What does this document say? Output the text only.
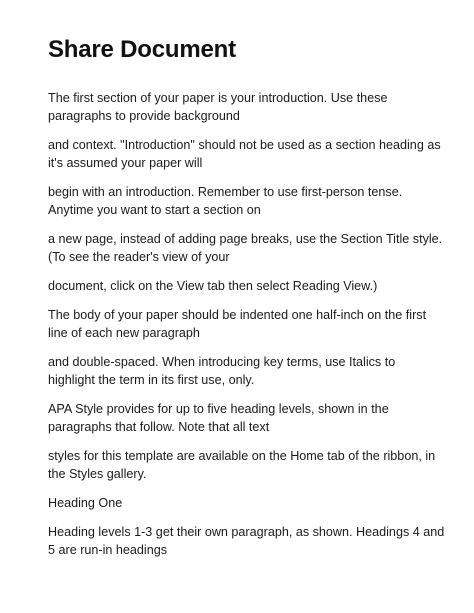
Share Document

The first section of your paper is your introduction. Use these
paragraphs to provide background

and context. "Introduction" should not be used as a section heading as
it's assumed your paper will

begin with an introduction. Remember to use first-person tense.
Anytime you want to start a section on

a new page, instead of adding page breaks, use the Section Title style.
(To see the reader's view of your

document, click on the View tab then select Reading View.)

The body of your paper should be indented one half-inch on the first
line of each new paragraph

and double-spaced. When introducing key terms, use Italics to
highlight the term in its first use, only.

APA Style provides for up to five heading levels, shown in the
paragraphs that follow. Note that all text

styles for this template are available on the Home tab of the ribbon, in
the Styles gallery.

Heading One

Heading levels 1-3 get their own paragraph, as shown. Headings 4 and
5 are run-in headings
